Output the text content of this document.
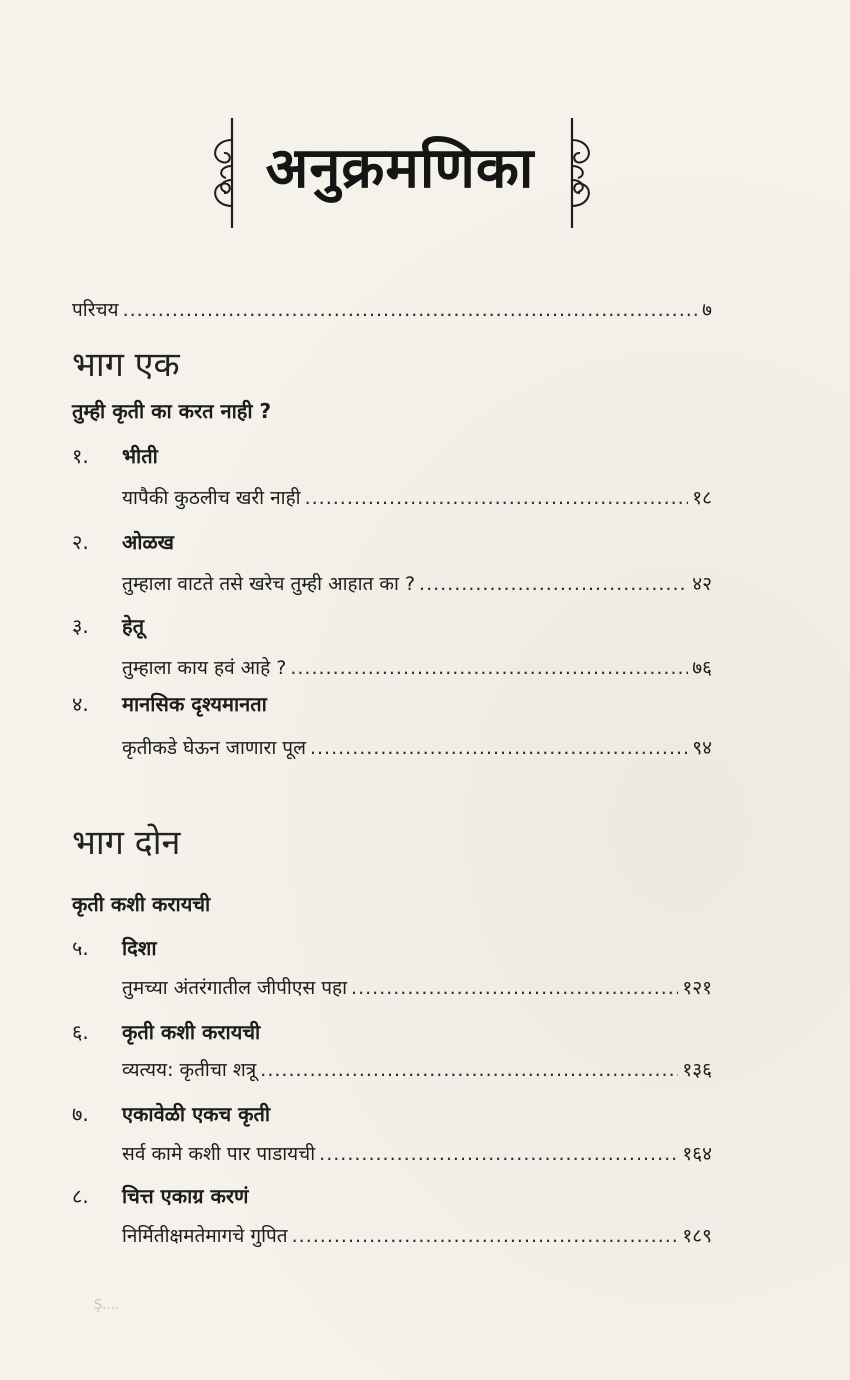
अनुक्रमणिका
परिचय .....	७
भाग एक
तुम्ही कृती का करत नाही ?
१. भीती
यापैकी कुठलीच खरी नाही .....	१८
२. ओळख
तुम्हाला वाटते तसे खरेच तुम्ही आहात का ? .....	४२
३. हेतू
तुम्हाला काय हवं आहे ? .....	७६
४. मानसिक दृश्यमानता
कृतीकडे घेऊन जाणारा पूल .....	९४
भाग दोन
कृती कशी करायची
५. दिशा
तुमच्या अंतरंगातील जीपीएस पहा .....	१२१
६. कृती कशी करायची
व्यत्यय: कृतीचा शत्रू .....	१३६
७. एकावेळी एकच कृती
सर्व कामे कशी पार पाडायची .....	१६४
८. चित्त एकाग्र करणं
निर्मितीक्षमतेमागचे गुपित .....	१८९
Ş.…
